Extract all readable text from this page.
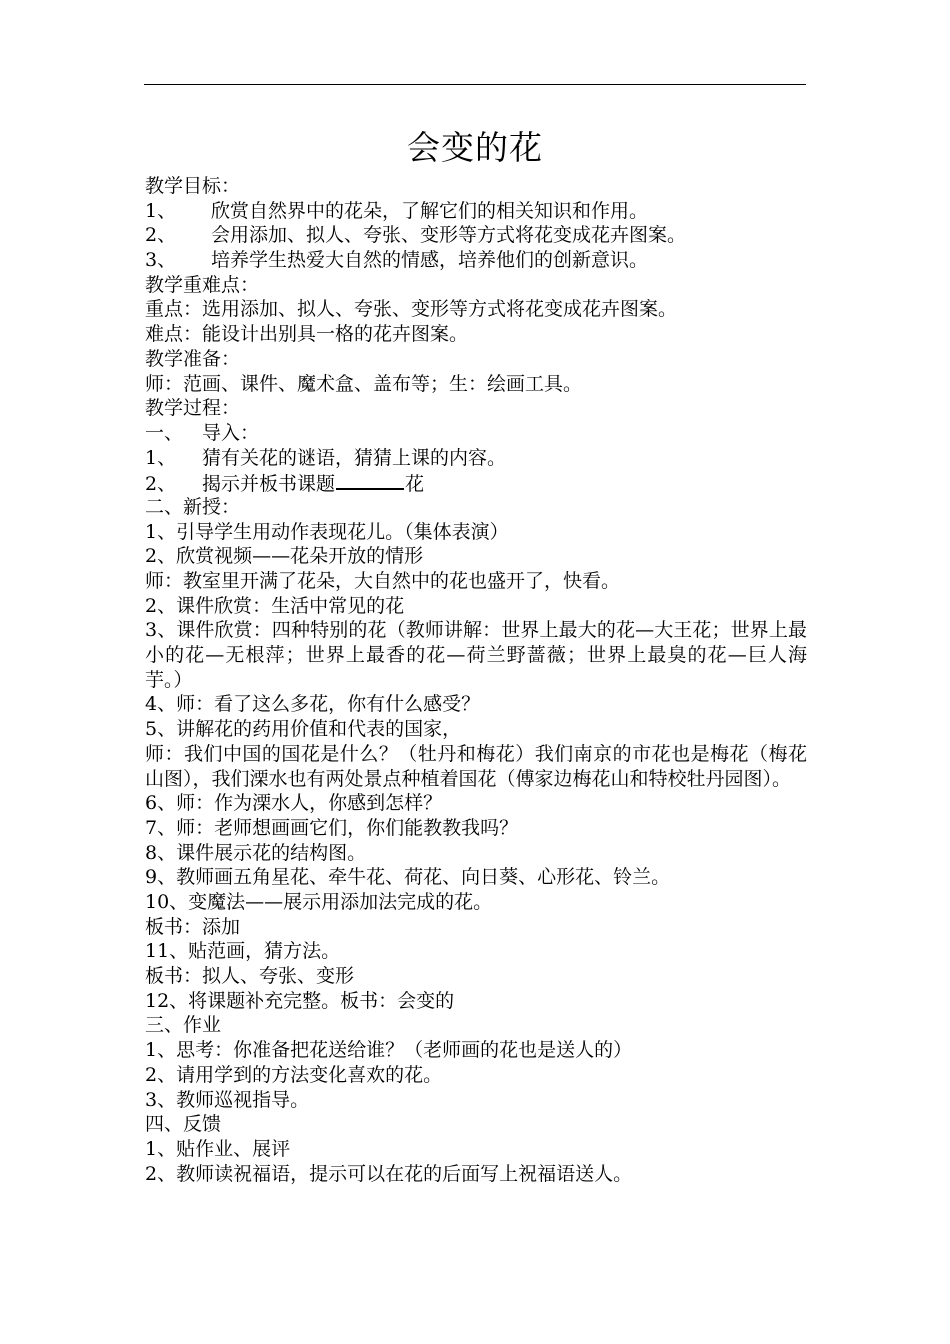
会变的花
教学目标：
1、 欣赏自然界中的花朵，了解它们的相关知识和作用。
2、 会用添加、拟人、夸张、变形等方式将花变成花卉图案。
3、 培养学生热爱大自然的情感，培养他们的创新意识。
教学重难点：
重点：选用添加、拟人、夸张、变形等方式将花变成花卉图案。
难点：能设计出别具一格的花卉图案。
教学准备：
师：范画、课件、魔术盒、盖布等；生：绘画工具。
教学过程：
一、 导入：
1、 猜有关花的谜语，猜猜上课的内容。
2、 揭示并板书课题	花
二、新授：
1、引导学生用动作表现花儿。（集体表演）
2、欣赏视频——花朵开放的情形
师：教室里开满了花朵，大自然中的花也盛开了，快看。
2、课件欣赏：生活中常见的花
3、课件欣赏：四种特别的花（教师讲解：世界上最大的花—大王花；世界上最小的花—无根萍；世界上最香的花—荷兰野蔷薇；世界上最臭的花—巨人海芋。）
4、师：看了这么多花，你有什么感受？
5、讲解花的药用价值和代表的国家，
师：我们中国的国花是什么？（牡丹和梅花）我们南京的市花也是梅花（梅花山图），我们溧水也有两处景点种植着国花（傅家边梅花山和特校牡丹园图）。
6、师：作为溧水人，你感到怎样？
7、师：老师想画画它们，你们能教教我吗？
8、课件展示花的结构图。
9、教师画五角星花、牵牛花、荷花、向日葵、心形花、铃兰。
10、变魔法——展示用添加法完成的花。
板书：添加
11、贴范画，猜方法。
板书：拟人、夸张、变形
12、将课题补充完整。板书：会变的
三、作业
1、思考：你准备把花送给谁？（老师画的花也是送人的）
2、请用学到的方法变化喜欢的花。
3、教师巡视指导。
四、反馈
1、贴作业、展评
2、教师读祝福语，提示可以在花的后面写上祝福语送人。
